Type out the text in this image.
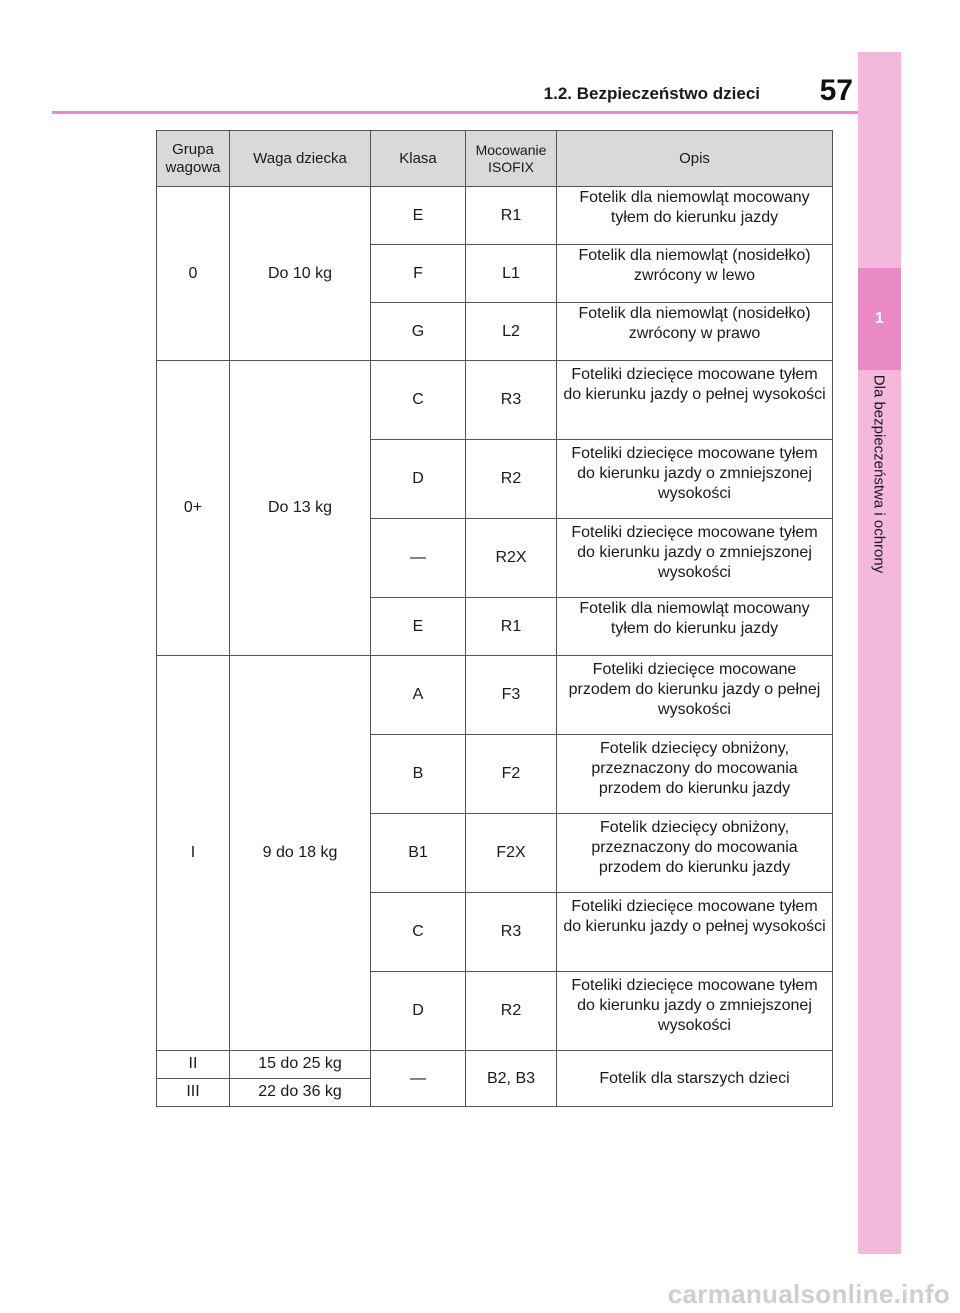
1.2. Bezpieczeństwo dzieci	57
1
Dla bezpieczeństwa i ochrony
Grupa wagowa	Waga dziecka	Klasa	Mocowanie ISOFIX	Opis
0	Do 10 kg	E	R1	Fotelik dla niemowląt mocowany tyłem do kierunku jazdy
		F	L1	Fotelik dla niemowląt (nosidełko) zwrócony w lewo
		G	L2	Fotelik dla niemowląt (nosidełko) zwrócony w prawo
0+	Do 13 kg	C	R3	Foteliki dziecięce mocowane tyłem do kierunku jazdy o pełnej wysokości
		D	R2	Foteliki dziecięce mocowane tyłem do kierunku jazdy o zmniejszonej wysokości
		—	R2X	Foteliki dziecięce mocowane tyłem do kierunku jazdy o zmniejszonej wysokości
		E	R1	Fotelik dla niemowląt mocowany tyłem do kierunku jazdy
I	9 do 18 kg	A	F3	Foteliki dziecięce mocowane przodem do kierunku jazdy o pełnej wysokości
		B	F2	Fotelik dziecięcy obniżony, przeznaczony do mocowania przodem do kierunku jazdy
		B1	F2X	Fotelik dziecięcy obniżony, przeznaczony do mocowania przodem do kierunku jazdy
		C	R3	Foteliki dziecięce mocowane tyłem do kierunku jazdy o pełnej wysokości
		D	R2	Foteliki dziecięce mocowane tyłem do kierunku jazdy o zmniejszonej wysokości
II	15 do 25 kg	—	B2, B3	Fotelik dla starszych dzieci
III	22 do 36 kg			
carmanualsonline.info
